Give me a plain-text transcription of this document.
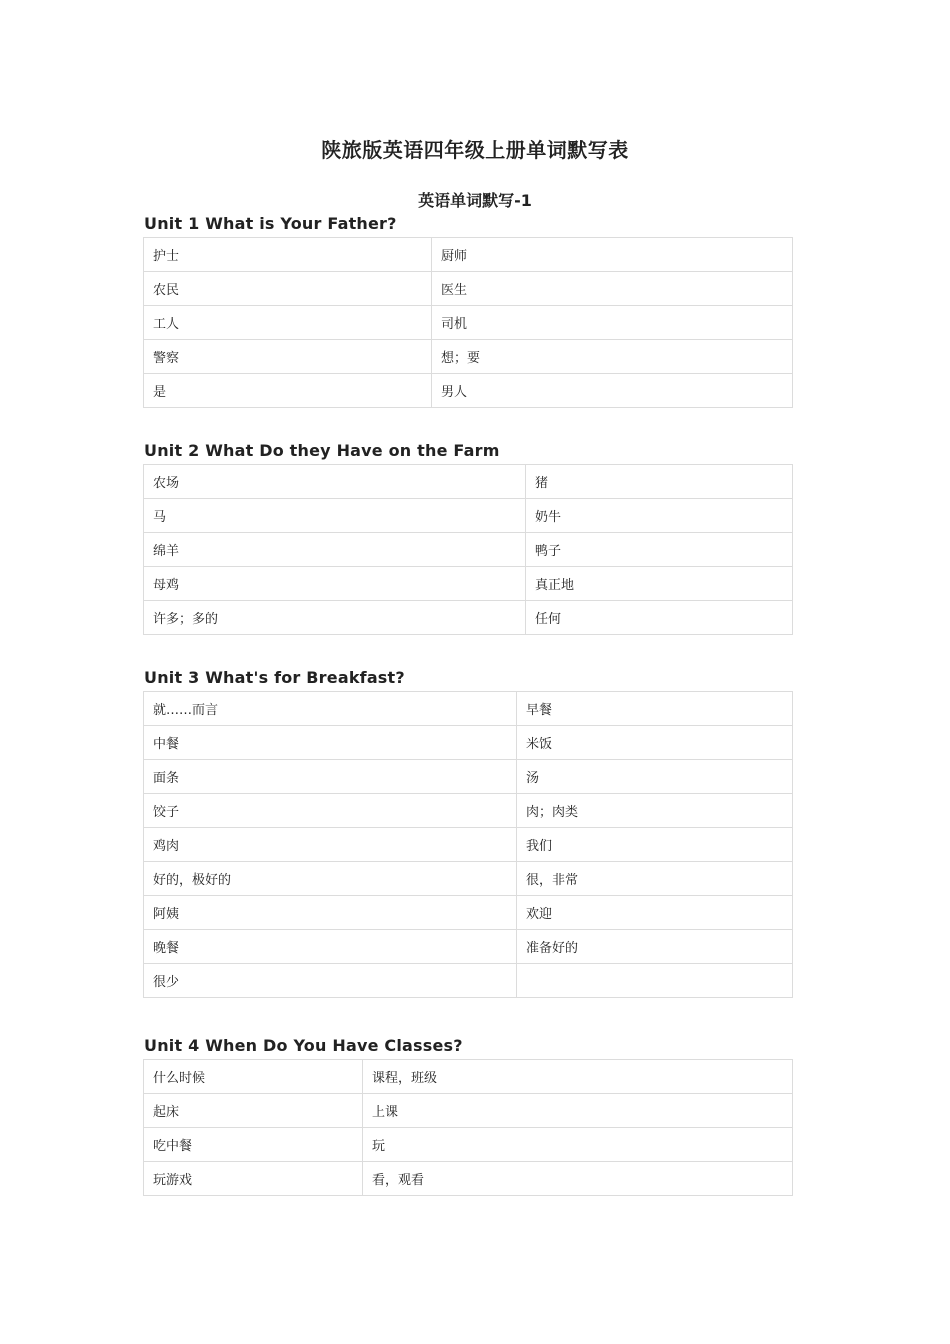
陕旅版英语四年级上册单词默写表
英语单词默写-1
Unit 1 What is Your Father?
护士	厨师
农民	医生
工人	司机
警察	想；要
是	男人
Unit 2 What Do they Have on the Farm
农场	猪
马	奶牛
绵羊	鸭子
母鸡	真正地
许多；多的	任何
Unit 3 What's for Breakfast?
就……而言	早餐
中餐	米饭
面条	汤
饺子	肉；肉类
鸡肉	我们
好的，极好的	很，非常
阿姨	欢迎
晚餐	准备好的
很少	
Unit 4 When Do You Have Classes?
什么时候	课程，班级
起床	上课
吃中餐	玩
玩游戏	看，观看
